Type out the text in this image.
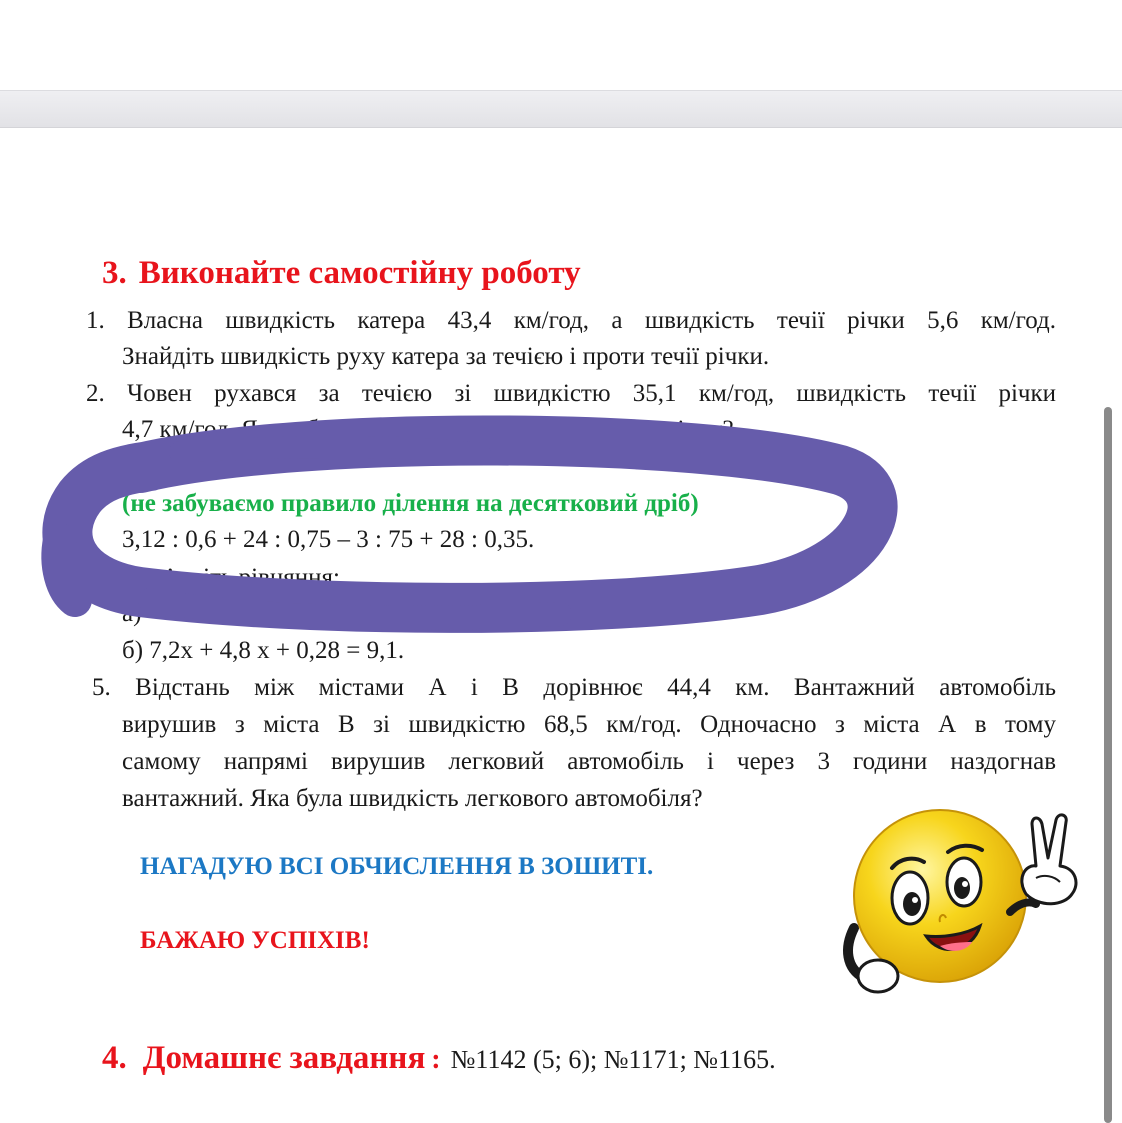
3. Виконайте самостійну роботу
1. Власна швидкість катера 43,4 км/год, а швидкість течії річки 5,6 км/год.
Знайдіть швидкість руху катера за течією і проти течії річки.
2. Човен рухався за течією зі швидкістю 35,1 км/год, швидкість течії річки
4,7 км/год. Якою буде швидкість човна проти течії річки?
(не забуваємо правило ділення на десятковий дріб)
3,12 : 0,6 + 24 : 0,75 – 3 : 75 + 28 : 0,35.
’яжіть рівняння:
а)
б) 7,2x + 4,8 x + 0,28 = 9,1.
5. Відстань між містами А і В дорівнює 44,4 км. Вантажний автомобіль
вирушив з міста В зі швидкістю 68,5 км/год. Одночасно з міста А в тому
самому напрямі вирушив легковий автомобіль і через 3 години наздогнав
вантажний. Яка була швидкість легкового автомобіля?
НАГАДУЮ ВСІ ОБЧИСЛЕННЯ В ЗОШИТІ.
БАЖАЮ УСПІХІВ!
4. Домашнє завдання : №1142 (5; 6); №1171; №1165.
